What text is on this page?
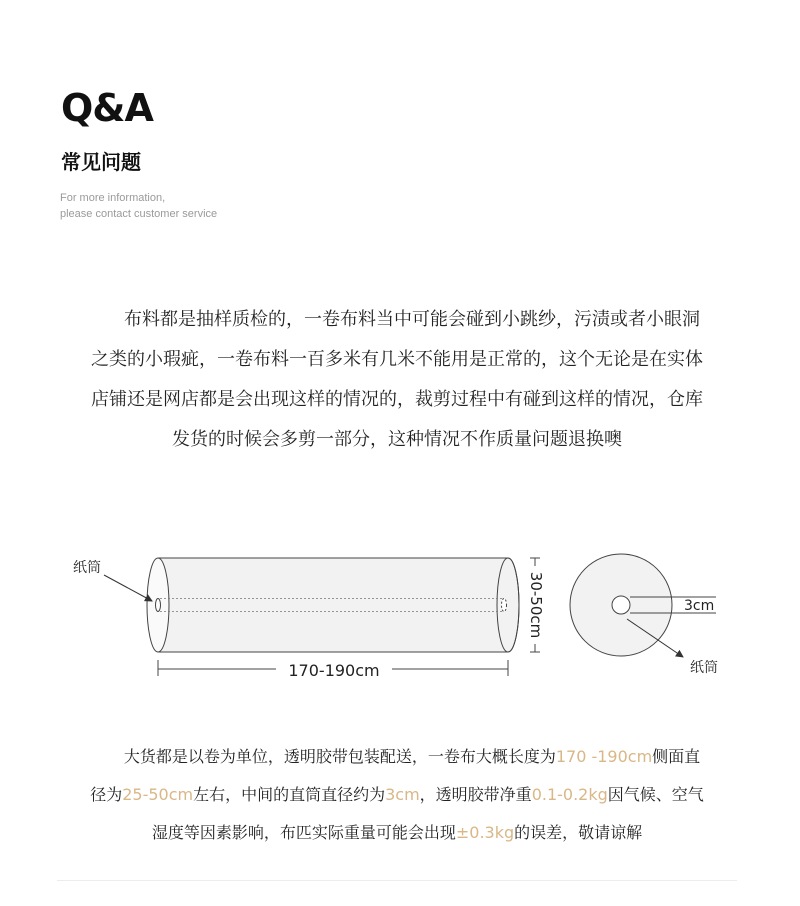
Q&A
常见问题
For more information,
please contact customer service
布料都是抽样质检的，一卷布料当中可能会碰到小跳纱，污渍或者小眼洞
之类的小瑕疵，一卷布料一百多米有几米不能用是正常的，这个无论是在实体
店铺还是网店都是会出现这样的情况的，裁剪过程中有碰到这样的情况，仓库
发货的时候会多剪一部分，这种情况不作质量问题退换噢
纸筒
170-190cm
30-50cm	3cm
纸筒
大货都是以卷为单位，透明胶带包装配送，一卷布大概长度为170 -190cm侧面直
径为25-50cm左右，中间的直筒直径约为3cm，透明胶带净重0.1-0.2kg因气候、空气
湿度等因素影响，布匹实际重量可能会出现±0.3kg的误差，敬请谅解
